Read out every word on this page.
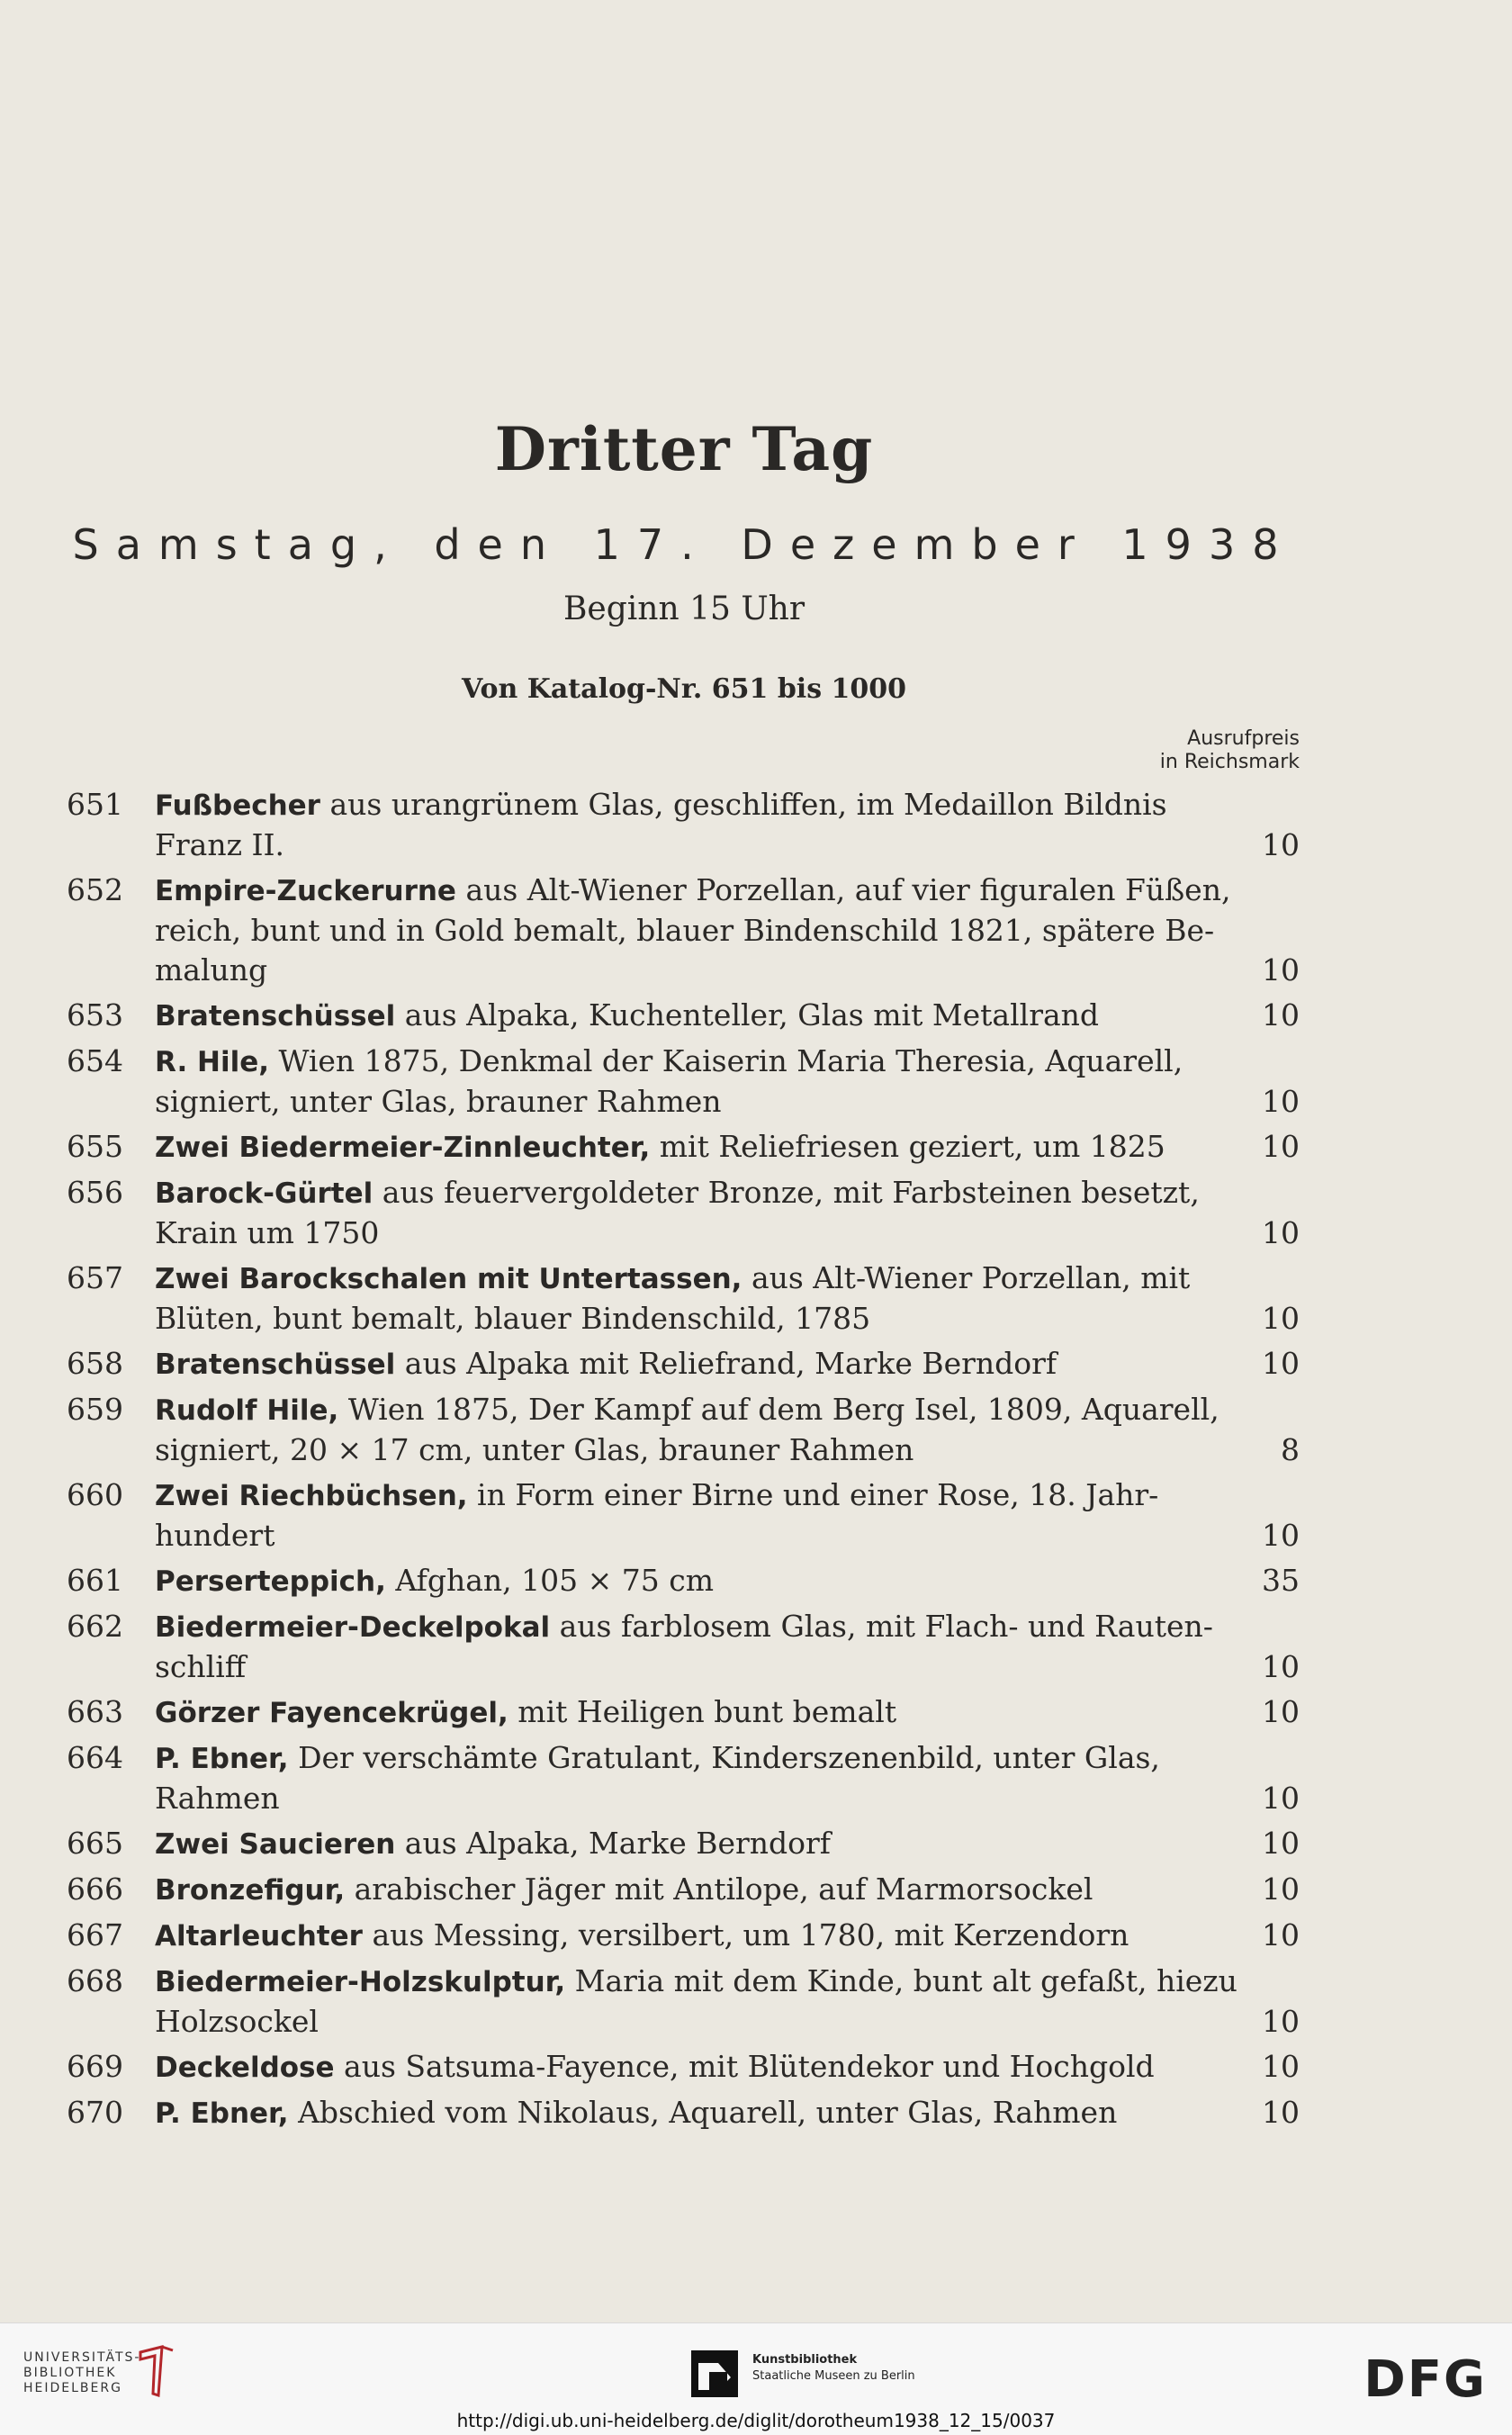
Dritter Tag
Samstag, den 17. Dezember 1938
Beginn 15 Uhr
Von Katalog-Nr. 651 bis 1000
Ausrufpreis
in Reichsmark
651 Fußbecher aus urangrünem Glas, geschliffen, im Medaillon Bildnis
Franz II.	10
652 Empire-Zuckerurne aus Alt-Wiener Porzellan, auf vier figuralen Füßen,
reich, bunt und in Gold bemalt, blauer Bindenschild 1821, spätere Be-
malung	10
653 Bratenschüssel aus Alpaka, Kuchenteller, Glas mit Metallrand	10
654 R. Hile, Wien 1875, Denkmal der Kaiserin Maria Theresia, Aquarell,
signiert, unter Glas, brauner Rahmen	10
655 Zwei Biedermeier-Zinnleuchter, mit Reliefriesen geziert, um 1825	10
656 Barock-Gürtel aus feuervergoldeter Bronze, mit Farbsteinen besetzt,
Krain um 1750	10
657 Zwei Barockschalen mit Untertassen, aus Alt-Wiener Porzellan, mit
Blüten, bunt bemalt, blauer Bindenschild, 1785	10
658 Bratenschüssel aus Alpaka mit Reliefrand, Marke Berndorf	10
659 Rudolf Hile, Wien 1875, Der Kampf auf dem Berg Isel, 1809, Aquarell,
signiert, 20 × 17 cm, unter Glas, brauner Rahmen	8
660 Zwei Riechbüchsen, in Form einer Birne und einer Rose, 18. Jahr-
hundert	10
661 Perserteppich, Afghan, 105 × 75 cm	35
662 Biedermeier-Deckelpokal aus farblosem Glas, mit Flach- und Rauten-
schliff	10
663 Görzer Fayencekrügel, mit Heiligen bunt bemalt	10
664 P. Ebner, Der verschämte Gratulant, Kinderszenenbild, unter Glas,
Rahmen	10
665 Zwei Saucieren aus Alpaka, Marke Berndorf	10
666 Bronzefigur, arabischer Jäger mit Antilope, auf Marmorsockel	10
667 Altarleuchter aus Messing, versilbert, um 1780, mit Kerzendorn	10
668 Biedermeier-Holzskulptur, Maria mit dem Kinde, bunt alt gefaßt, hiezu
Holzsockel	10
669 Deckeldose aus Satsuma-Fayence, mit Blütendekor und Hochgold	10
670 P. Ebner, Abschied vom Nikolaus, Aquarell, unter Glas, Rahmen	10
UNIVERSITÄTS-
BIBLIOTHEK
HEIDELBERG
Kunstbibliothek
Staatliche Museen zu Berlin	DFG
http://digi.ub.uni-heidelberg.de/diglit/dorotheum1938_12_15/0037
